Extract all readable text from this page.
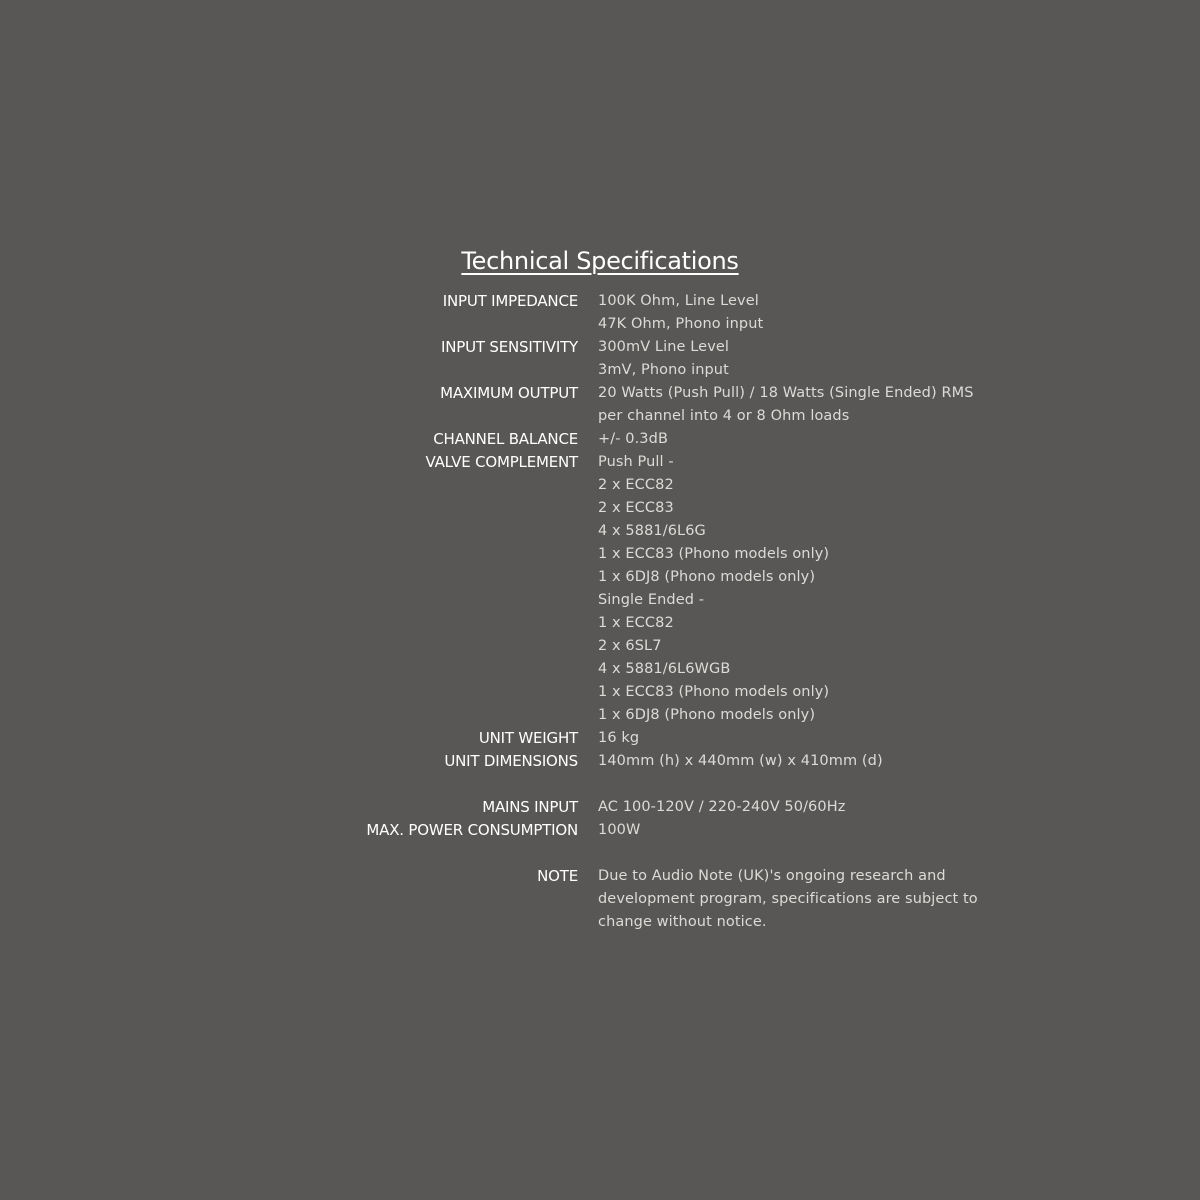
Technical Specifications
INPUT IMPEDANCE 100K Ohm, Line Level
47K Ohm, Phono input
INPUT SENSITIVITY 300mV Line Level
3mV, Phono input
MAXIMUM OUTPUT 20 Watts (Push Pull) / 18 Watts (Single Ended) RMS
per channel into 4 or 8 Ohm loads
CHANNEL BALANCE +/- 0.3dB
VALVE COMPLEMENT Push Pull -
2 x ECC82
2 x ECC83
4 x 5881/6L6G
1 x ECC83 (Phono models only)
1 x 6DJ8 (Phono models only)
Single Ended -
1 x ECC82
2 x 6SL7
4 x 5881/6L6WGB
1 x ECC83 (Phono models only)
1 x 6DJ8 (Phono models only)
UNIT WEIGHT 16 kg
UNIT DIMENSIONS 140mm (h) x 440mm (w) x 410mm (d)
MAINS INPUT AC 100-120V / 220-240V 50/60Hz
MAX. POWER CONSUMPTION 100W
NOTE Due to Audio Note (UK)'s ongoing research and
development program, specifications are subject to
change without notice.
